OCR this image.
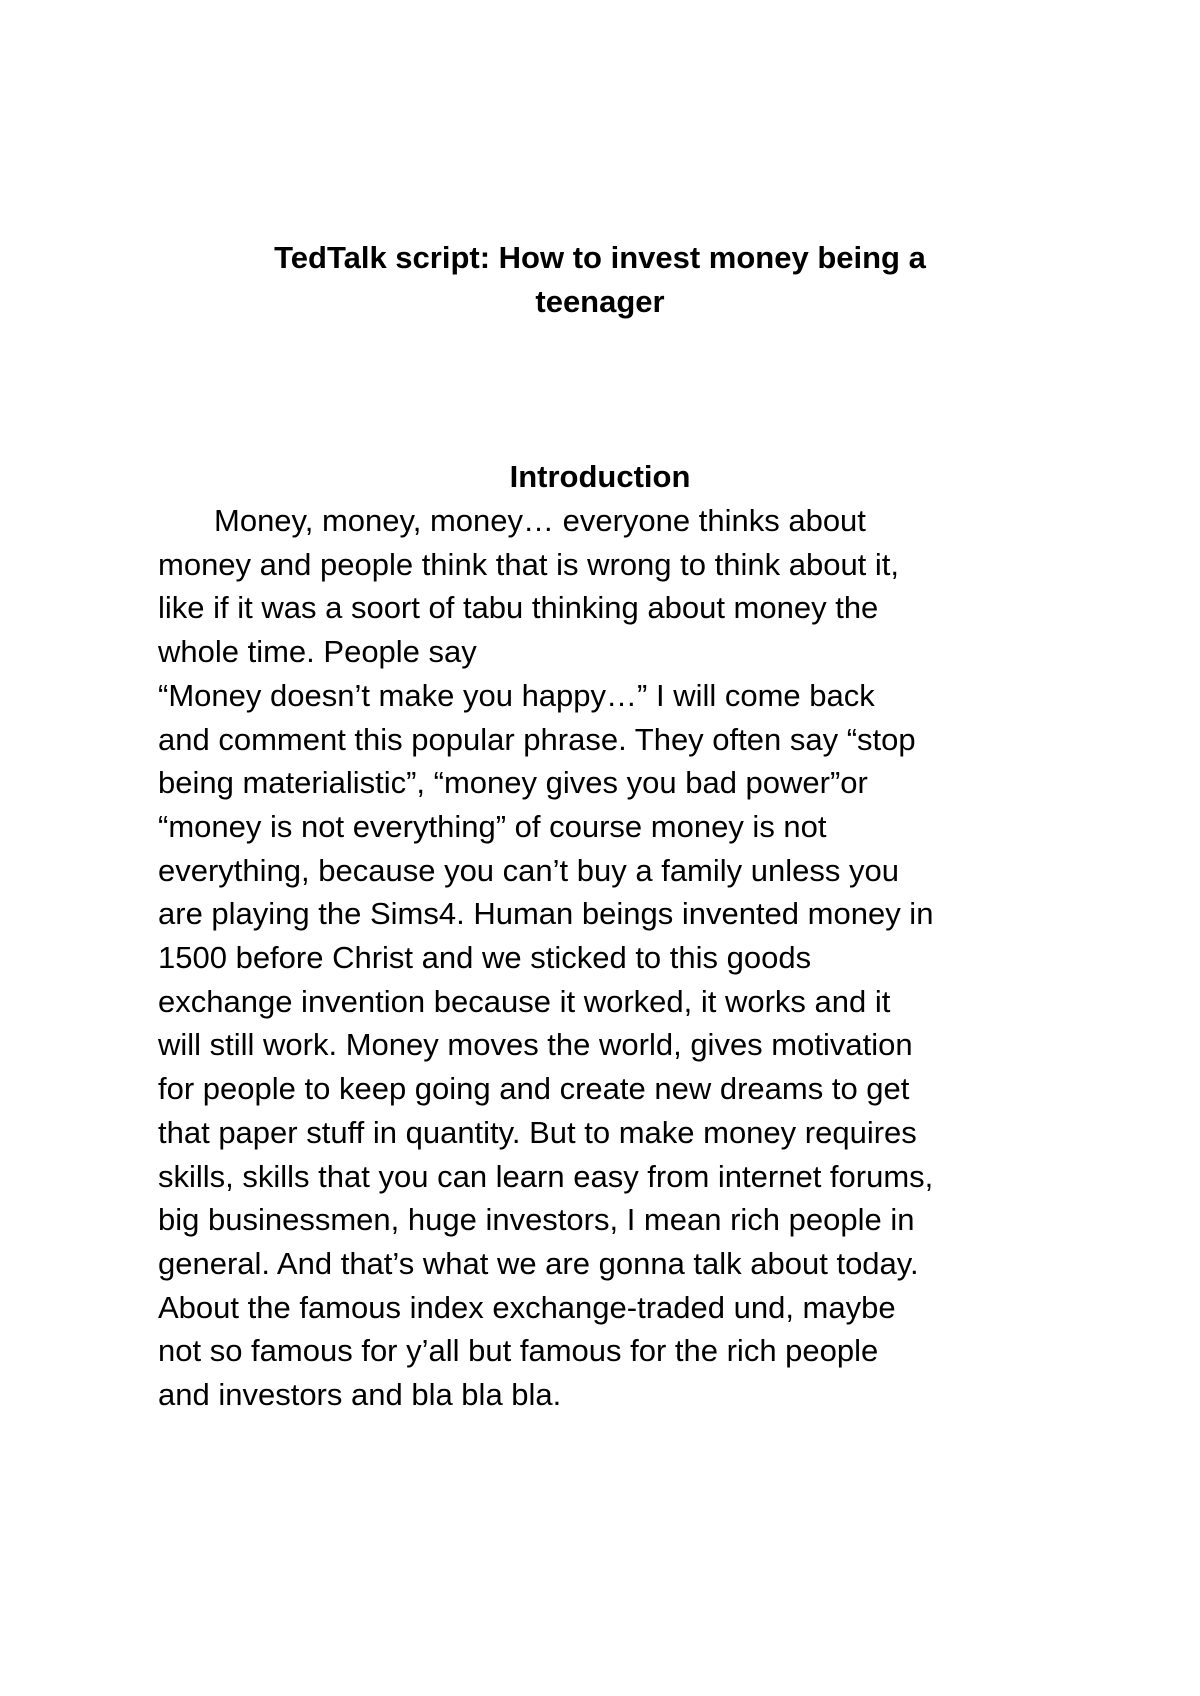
TedTalk script: How to invest money being a
teenager
Introduction
Money, money, money… everyone thinks about
money and people think that is wrong to think about it,
like if it was a soort of tabu thinking about money the
whole time. People say
“Money doesn’t make you happy…” I will come back
and comment this popular phrase. They often say “stop
being materialistic”, “money gives you bad power”or
“money is not everything” of course money is not
everything, because you can’t buy a family unless you
are playing the Sims4. Human beings invented money in
1500 before Christ and we sticked to this goods
exchange invention because it worked, it works and it
will still work. Money moves the world, gives motivation
for people to keep going and create new dreams to get
that paper stuff in quantity. But to make money requires
skills, skills that you can learn easy from internet forums,
big businessmen, huge investors, I mean rich people in
general. And that’s what we are gonna talk about today.
About the famous index exchange-traded und, maybe
not so famous for y’all but famous for the rich people
and investors and bla bla bla.
